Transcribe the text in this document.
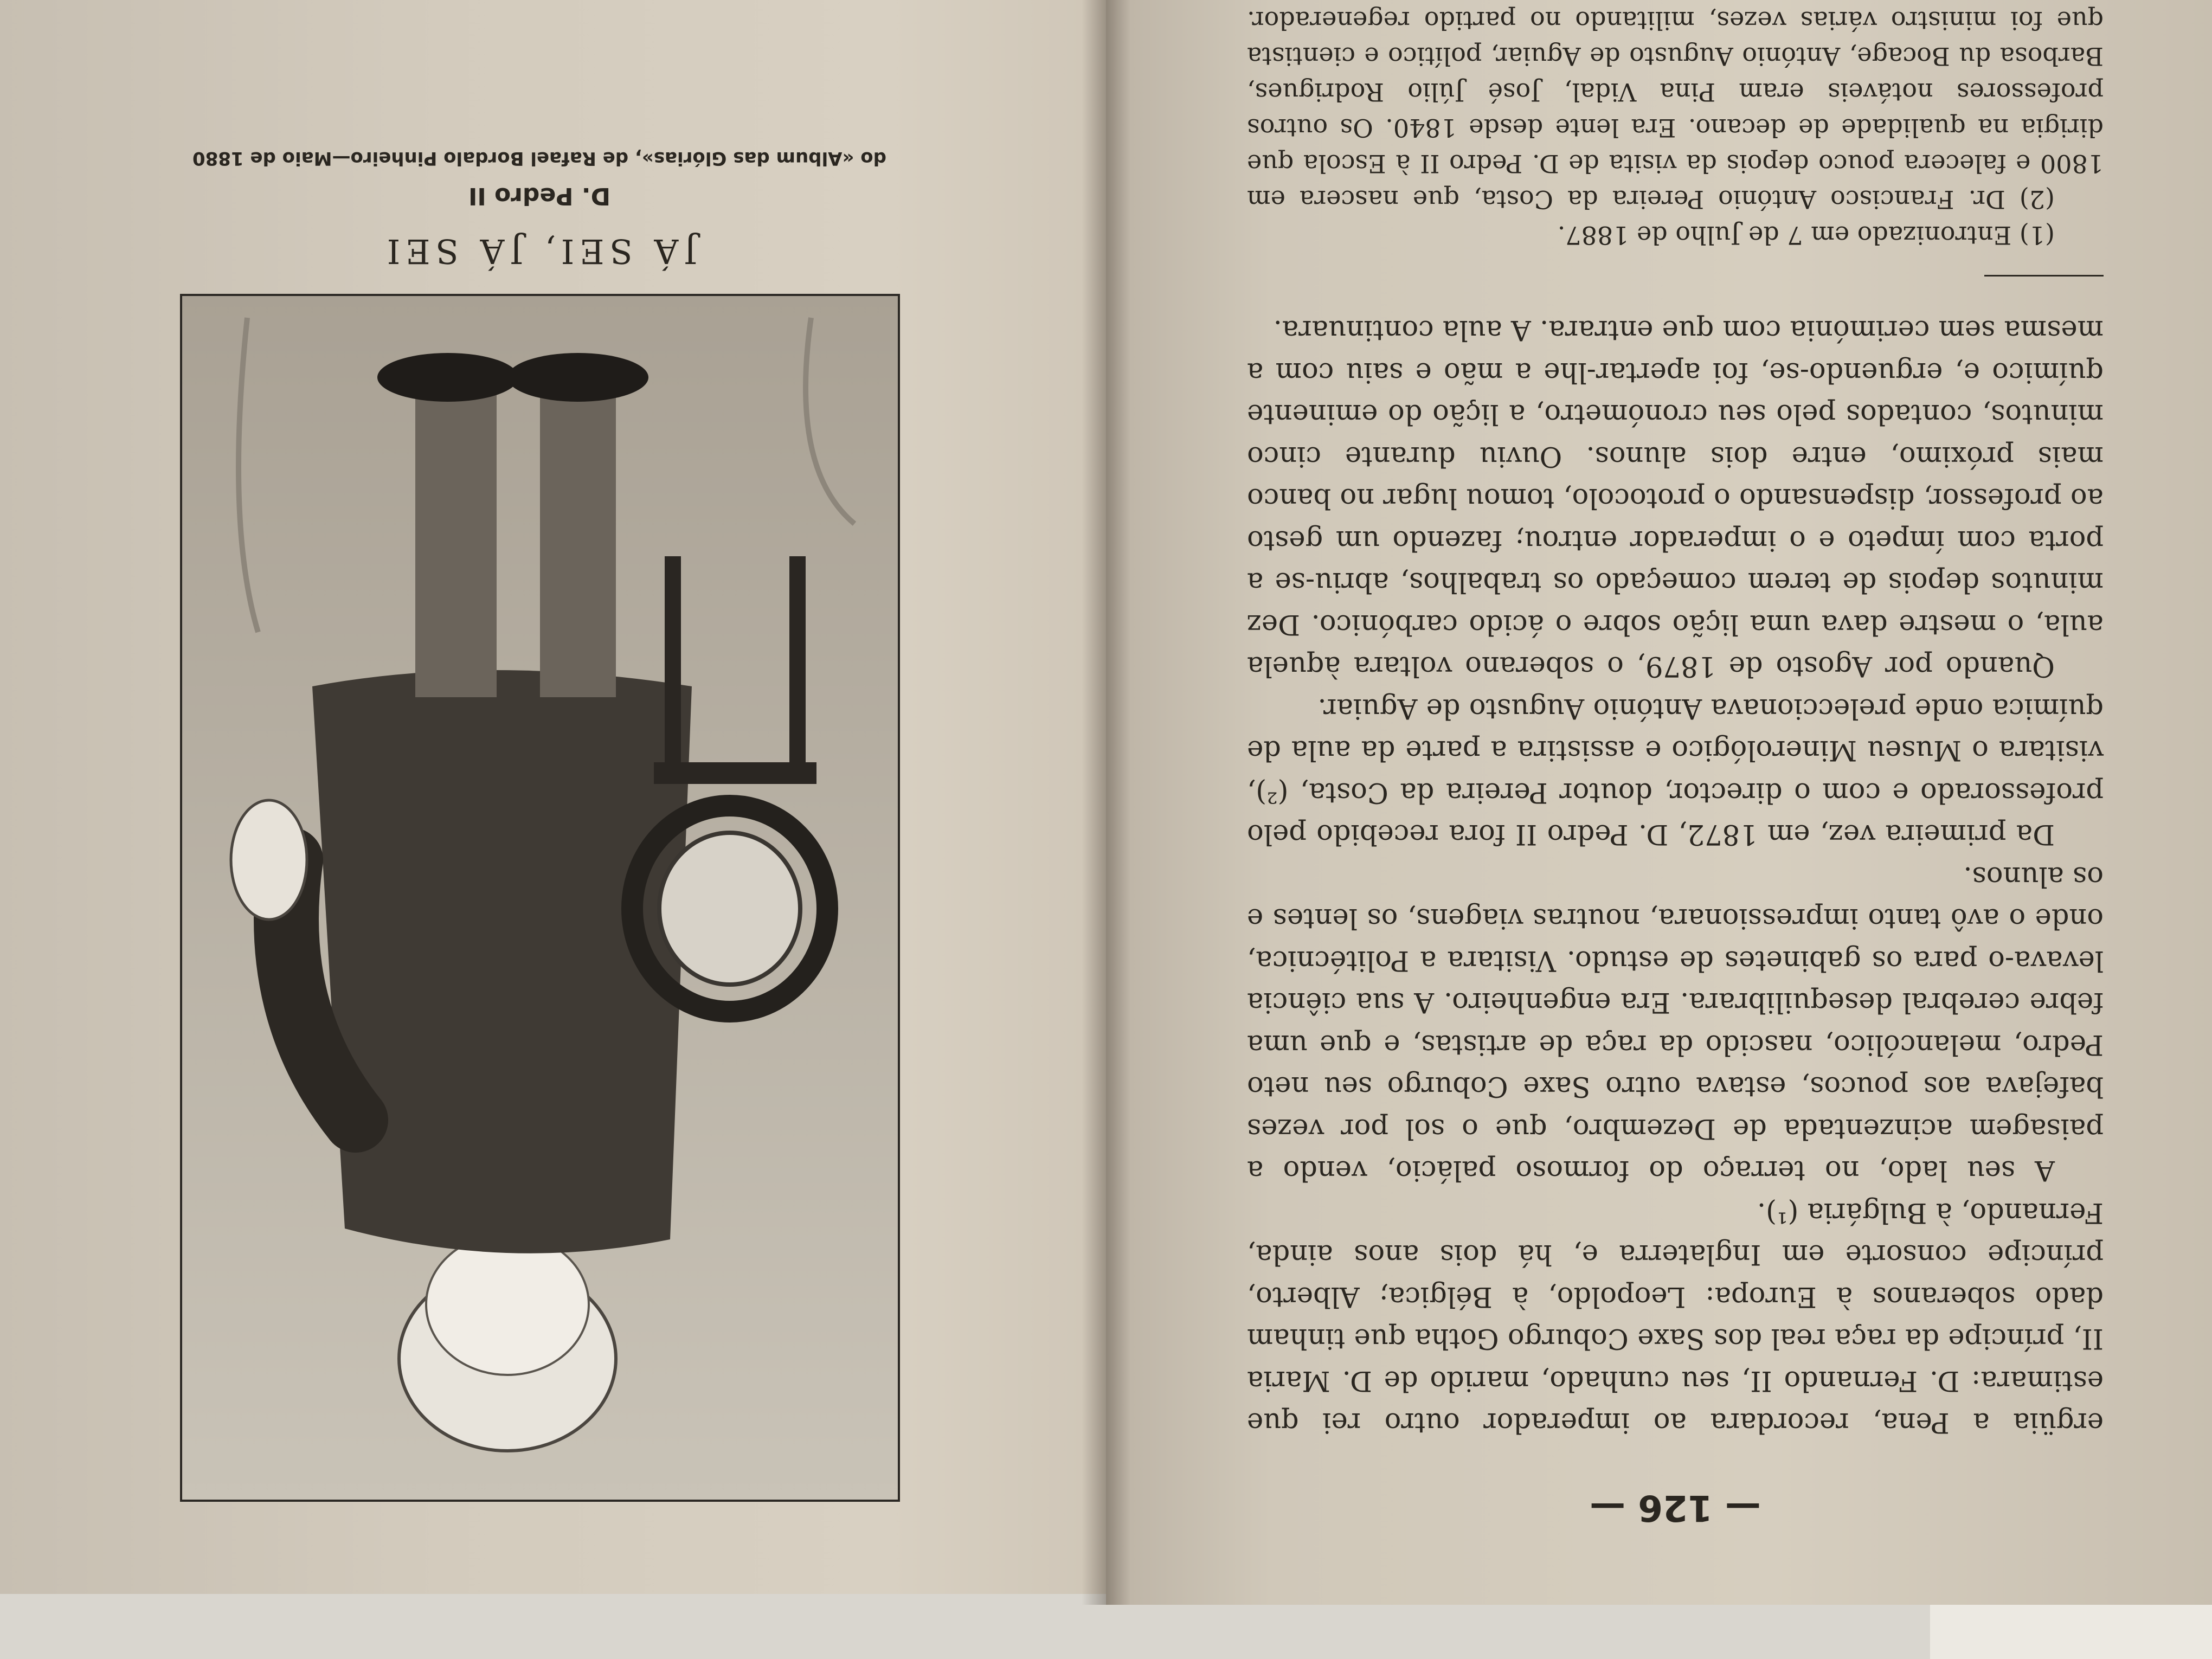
— 126 —

ergüia a Pena, recordara ao imperador outro rei que estimara: D. Fernando II, seu cunhado, marido de D. Maria II, príncipe da raça real dos Saxe Coburgo Gotha que tinham dado soberanos à Europa: Leopoldo, à Bélgica; Alberto, príncipe consorte em Inglaterra e, há dois anos ainda, Fernando, à Bulgária (¹).

A seu lado, no terraço do formoso palácio, vendo a paisagem acinzentada de Dezembro, que o sol por vezes bafejava aos poucos, estava outro Saxe Coburgo seu neto Pedro, melancólico, nascido da raça de artistas, e que uma febre cerebral desequilibrara. Era engenheiro. A sua ciência levava-o para os gabinetes de estudo. Visitara a Politécnica, onde o avô tanto impressionara, noutras viagens, os lentes e os alunos.

Da primeira vez, em 1872, D. Pedro II fora recebido pelo professorado e com o director, doutor Pereira da Costa, (²), visitara o Museu Minerológico e assistira a parte da aula de química onde preleccionava António Augusto de Aguiar.

Quando por Agosto de 1879, o soberano voltara àquela aula, o mestre dava uma lição sobre o ácido carbónico. Dez minutos depois de terem começado os trabalhos, abriu-se a porta com ímpeto e o imperador entrou; fazendo um gesto ao professor, dispensando o protocolo, tomou lugar no banco mais próximo, entre dois alunos. Ouviu durante cinco minutos, contados pelo seu cronómetro, a lição do eminente químico e, erguendo-se, foi apertar-lhe a mão e saiu com a mesma sem cerimónia com que entrara. A aula continuara.

(1) Entronizado em 7 de Julho de 1887.

(2) Dr. Francisco António Pereira da Costa, que nascera em 1800 e falecera pouco depois da visita de D. Pedro II à Escola que dirigia na qualidade de decano. Era lente desde 1840. Os outros professores notáveis eram Pina Vidal, José Júlio Rodrigues, Barbosa du Bocage, António Augusto de Aguiar, político e cientista que foi ministro várias vezes, militando no partido regenerador.

JÁ SEI, JÁ SEI
D. Pedro II
do «Album das Glórias», de Rafael Bordalo Pinheiro—Maio de 1880
